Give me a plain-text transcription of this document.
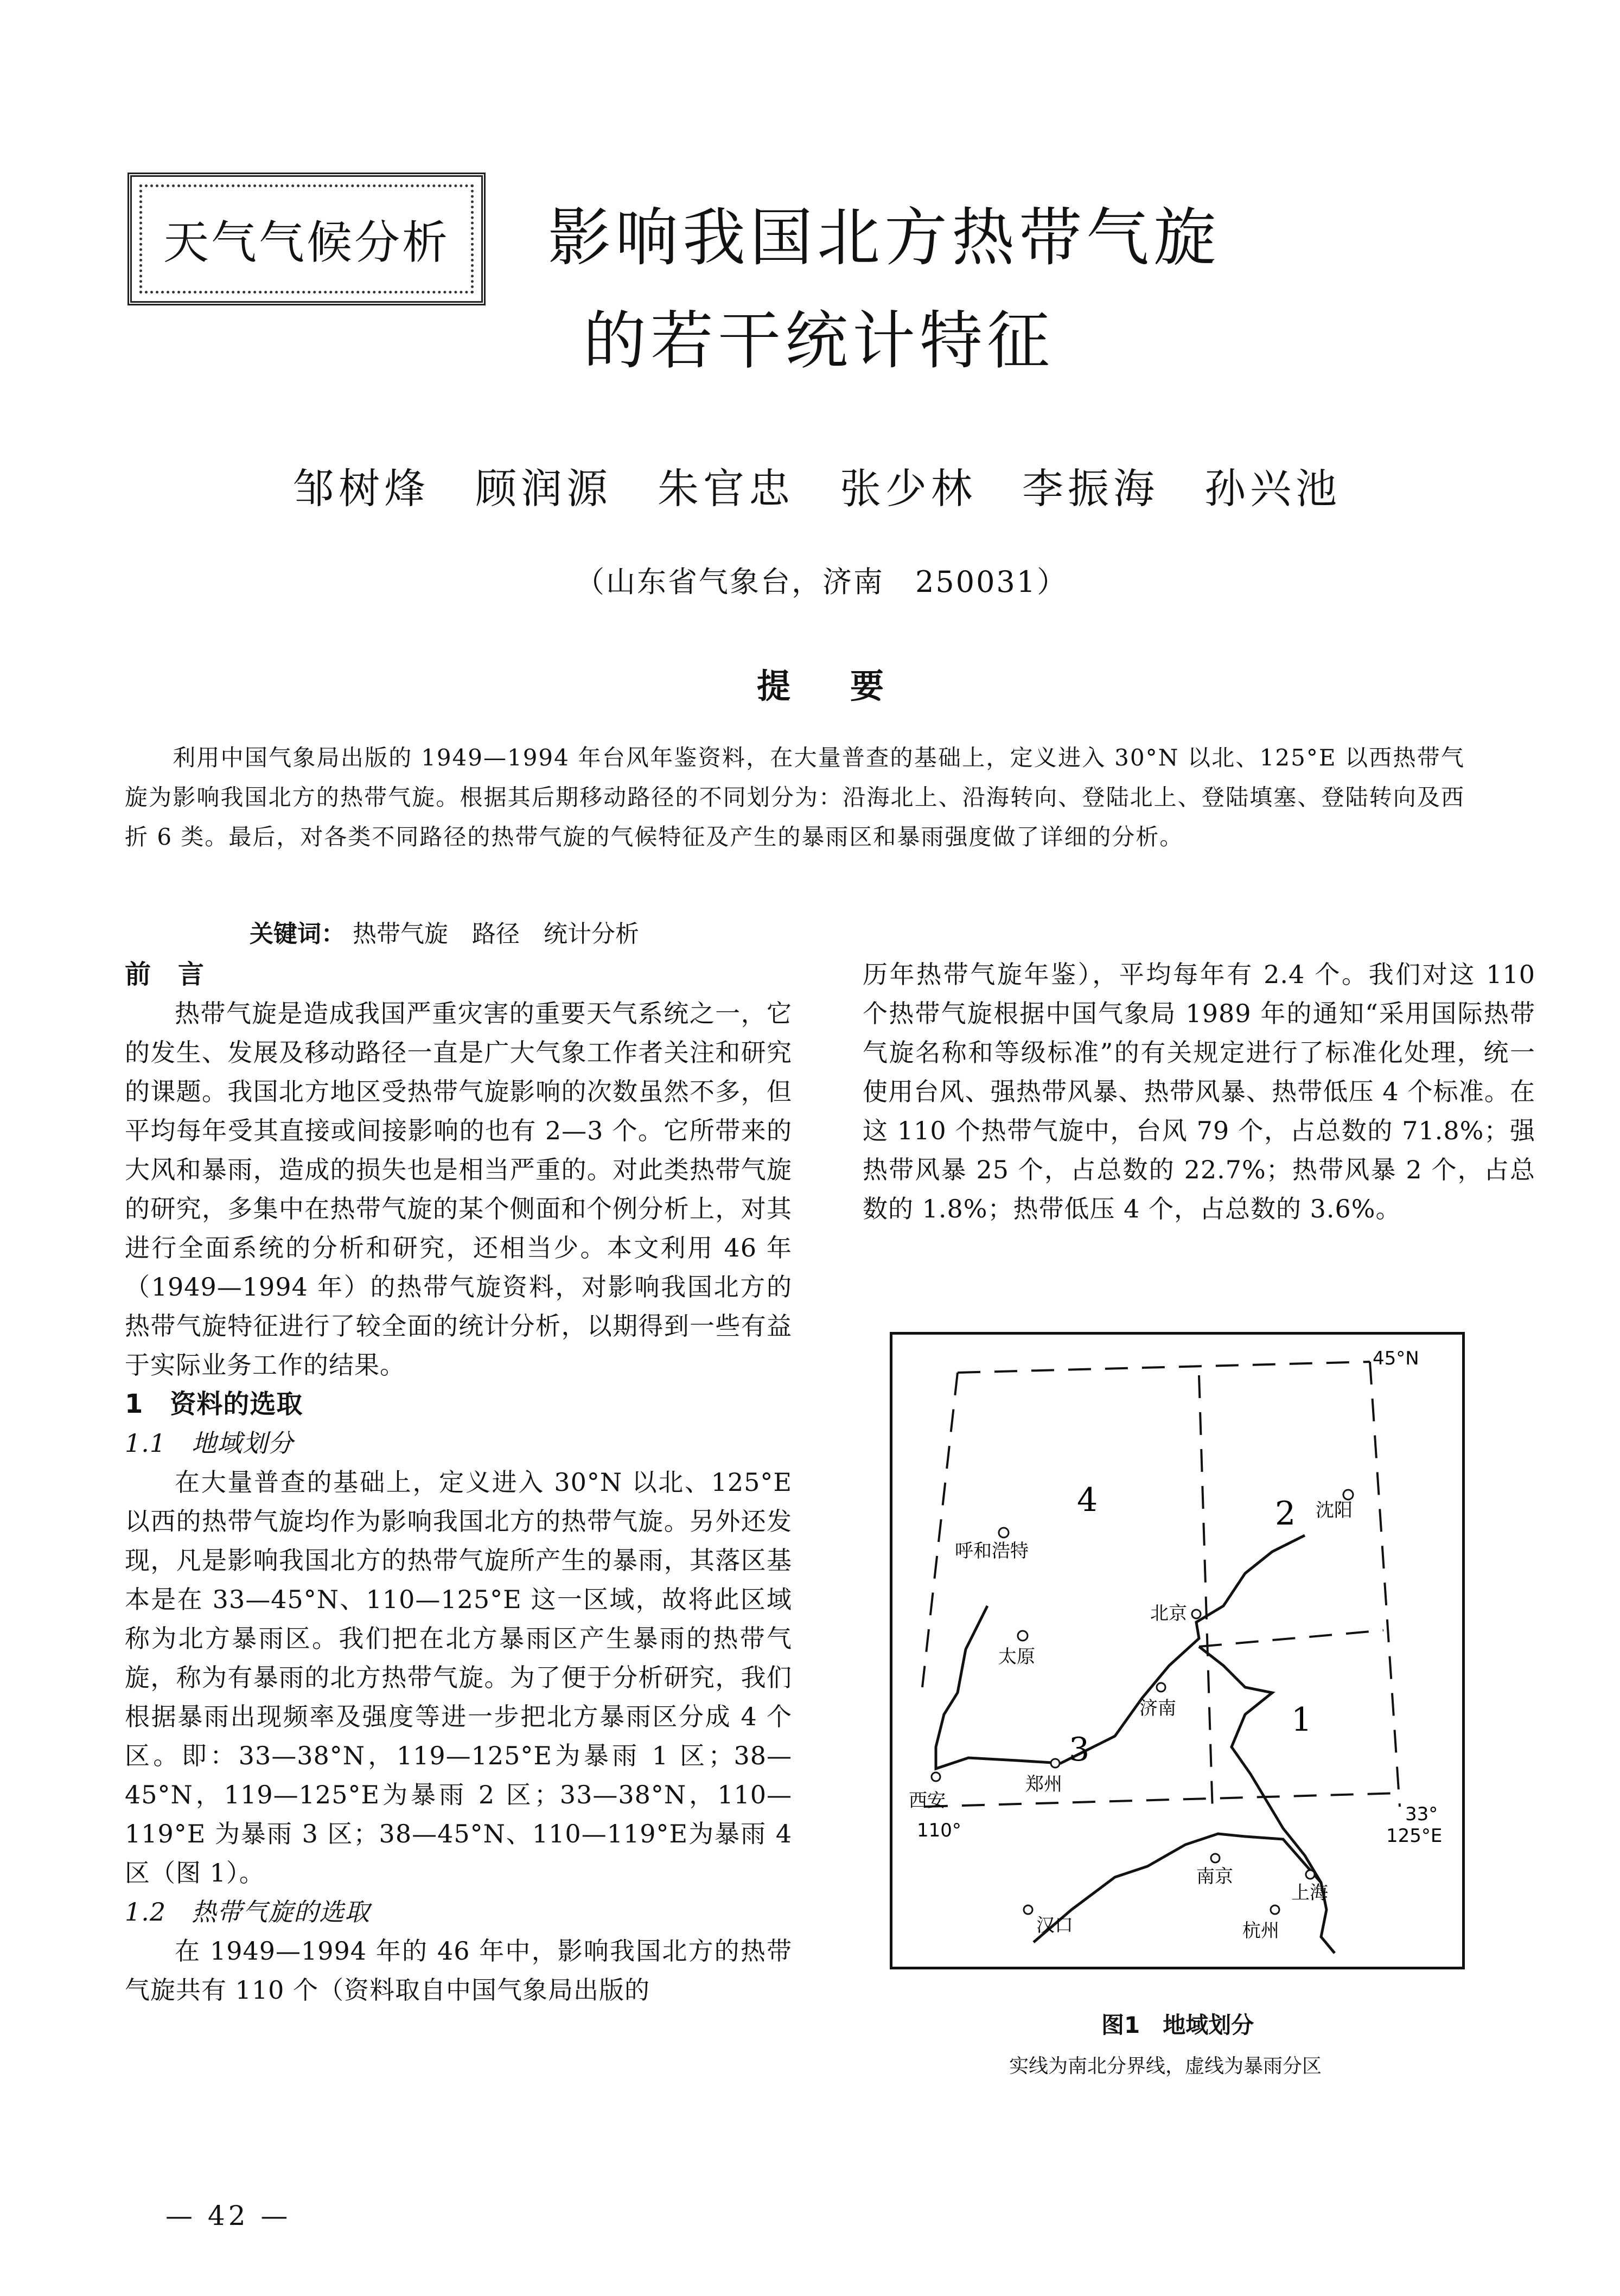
天气气候分析 影响我国北方热带气旋
的若干统计特征
邹树烽　顾润源　朱官忠　张少林　李振海　孙兴池
（山东省气象台，济南　250031）
提要
利用中国气象局出版的 1949—1994 年台风年鉴资料，在大量普查的基础上，定义进入 30°N 以北、125°E 以西热带气旋为影响我国北方的热带气旋。根据其后期移动路径的不同划分为：沿海北上、沿海转向、登陆北上、登陆填塞、登陆转向及西折 6 类。最后，对各类不同路径的热带气旋的气候特征及产生的暴雨区和暴雨强度做了详细的分析。
关键词： 热带气旋　路径　统计分析
前　言

热带气旋是造成我国严重灾害的重要天气系统之一，它的发生、发展及移动路径一直是广大气象工作者关注和研究的课题。我国北方地区受热带气旋影响的次数虽然不多，但平均每年受其直接或间接影响的也有 2—3 个。它所带来的大风和暴雨，造成的损失也是相当严重的。对此类热带气旋的研究，多集中在热带气旋的某个侧面和个例分析上，对其进行全面系统的分析和研究，还相当少。本文利用 46 年（1949—1994 年）的热带气旋资料，对影响我国北方的热带气旋特征进行了较全面的统计分析，以期得到一些有益于实际业务工作的结果。

1　资料的选取
1.1　地域划分

在大量普查的基础上，定义进入 30°N 以北、125°E以西的热带气旋均作为影响我国北方的热带气旋。另外还发现，凡是影响我国北方的热带气旋所产生的暴雨，其落区基本是在 33—45°N、110—125°E 这一区域，故将此区域称为北方暴雨区。我们把在北方暴雨区产生暴雨的热带气旋，称为有暴雨的北方热带气旋。为了便于分析研究，我们根据暴雨出现频率及强度等进一步把北方暴雨区分成 4 个区。即：33—38°N，119—125°E为暴雨 1 区；38—45°N，119—125°E为暴雨 2 区；33—38°N，110—119°E 为暴雨 3 区；38—45°N、110—119°E为暴雨 4 区（图 1）。

1.2　热带气旋的选取

在 1949—1994 年的 46 年中，影响我国北方的热带气旋共有 110 个（资料取自中国气象局出版的

历年热带气旋年鉴），平均每年有 2.4 个。我们对这 110 个热带气旋根据中国气象局 1989 年的通知“采用国际热带气旋名称和等级标准”的有关规定进行了标准化处理，统一使用台风、强热带风暴、热带风暴、热带低压 4 个标准。在这 110 个热带气旋中，台风 79 个，占总数的 71.8%；强热带风暴 25 个，占总数的 22.7%；热带风暴 2 个，占总数的 1.8%；热带低压 4 个，占总数的 3.6%。

45°N
33°
110°	125°E
1
2
3
4
呼和浩特
沈阳
北京
太原
济南
郑州
西安
南京
上海
汉口	杭州
图1　地域划分
实线为南北分界线，虚线为暴雨分区
— 42 —
